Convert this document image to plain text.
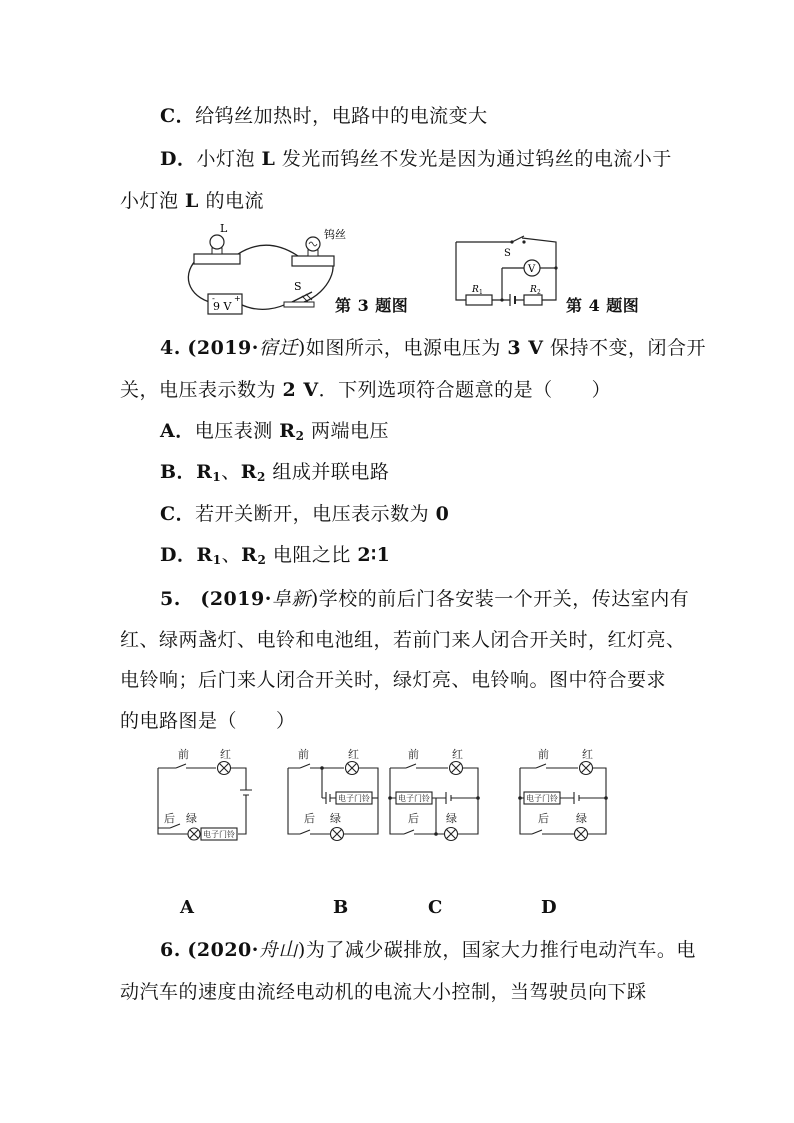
C．给钨丝加热时，电路中的电流变大
D．小灯泡 L 发光而钨丝不发光是因为通过钨丝的电流小于
小灯泡 L 的电流
L	钨丝
9 V
+
-
S
第 3 题图
S
V
R 1	R 2
第 4 题图
4. (2019·宿迁)如图所示，电源电压为 3 V 保持不变，闭合开
关，电压表示数为 2 V．下列选项符合题意的是（　　）
A．电压表测 $R_2$ 两端电压
B．$R_1$、$R_2$ 组成并联电路
C．若开关断开，电压表示数为 0
D．$R_1$、$R_2$ 电阻之比 2∶1
5.　(2019·阜新)学校的前后门各安装一个开关，传达室内有
红、绿两盏灯、电铃和电池组，若前门来人闭合开关时，红灯亮、
电铃响；后门来人闭合开关时，绿灯亮、电铃响。图中符合要求
的电路图是（　　）
前	红
后 绿
电子门铃
前	红
后 绿
电子门铃
前	红
后 绿
电子门铃
前	红
后 绿
电子门铃
A	B	C	D
6. (2020·舟山)为了减少碳排放，国家大力推行电动汽车。电
动汽车的速度由流经电动机的电流大小控制，当驾驶员向下踩
